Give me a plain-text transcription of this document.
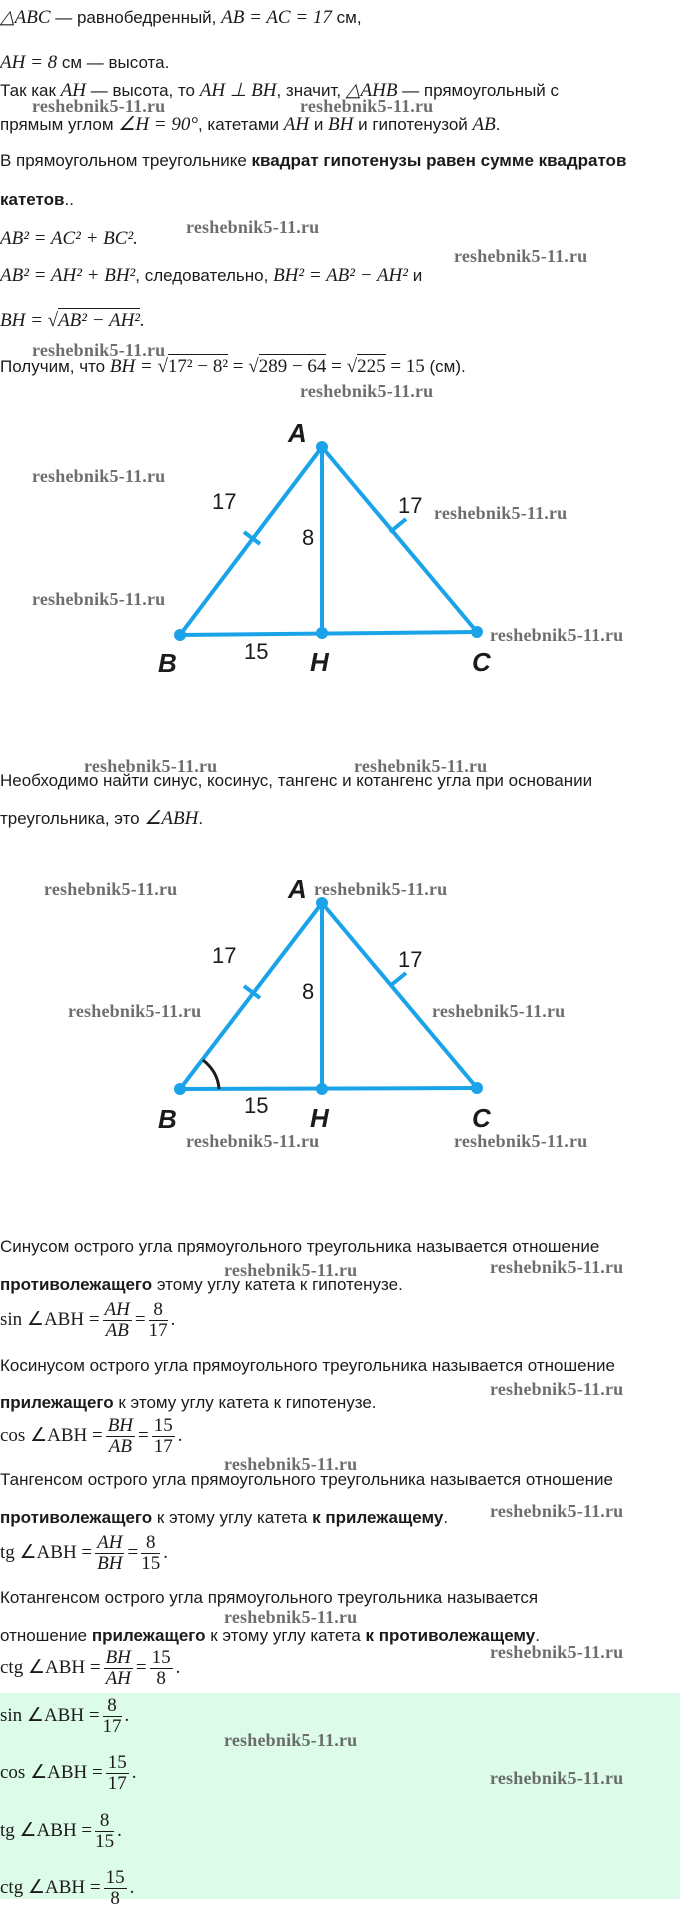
△ABC — равнобедренный, AB = AC = 17 см,
AH = 8 см — высота.
Так как AH — высота, то AH ⊥ BH, значит, △AHB — прямоугольный с
прямым углом ∠H = 90°, катетами AH и BH и гипотенузой AB.
В прямоугольном треугольнике квадрат гипотенузы равен сумме квадратов
катетов..
AB² = AC² + BC².
AB² = AH² + BH², следовательно, BH² = AB² − AH² и
BH = √AB² − AH².
Получим, что BH = √17² − 8² = √289 − 64 = √225 = 15 (см).
A
B	C
H
17	17
8
15
Необходимо найти синус, косинус, тангенс и котангенс угла при основании
треугольника, это ∠ABH.
A
B	C
H
17	17
8
15
Синусом острого угла прямоугольного треугольника называется отношение
противолежащего этому углу катета к гипотенузе.
sin ∠ABH = $\frac{AH}{AB} = \frac{8}{17}$ .
Косинусом острого угла прямоугольного треугольника называется отношение
прилежащего к этому углу катета к гипотенузе.
cos ∠ABH = $\frac{BH}{AB} = \frac{15}{17}$ .
Тангенсом острого угла прямоугольного треугольника называется отношение
противолежащего к этому углу катета к прилежащему.
tg ∠ABH = $\frac{AH}{BH} = \frac{8}{15}$ .
Котангенсом острого угла прямоугольного треугольника называется
отношение прилежащего к этому углу катета к противолежащему.
ctg ∠ABH = $\frac{BH}{AH} = \frac{15}{8}$ .
sin ∠ABH = $\frac{8}{17}$ .
cos ∠ABH = $\frac{15}{17}$ .
tg ∠ABH = $\frac{8}{15}$ .
ctg ∠ABH = $\frac{15}{8}$ .
reshebnik5-11.ru	reshebnik5-11.ru
reshebnik5-11.ru
reshebnik5-11.ru
reshebnik5-11.ru
reshebnik5-11.ru
reshebnik5-11.ru
reshebnik5-11.ru
reshebnik5-11.ru
reshebnik5-11.ru
reshebnik5-11.ru	reshebnik5-11.ru
reshebnik5-11.ru	reshebnik5-11.ru
reshebnik5-11.ru	reshebnik5-11.ru
reshebnik5-11.ru	reshebnik5-11.ru
reshebnik5-11.ru	reshebnik5-11.ru
reshebnik5-11.ru
reshebnik5-11.ru
reshebnik5-11.ru
reshebnik5-11.ru
reshebnik5-11.ru
reshebnik5-11.ru
reshebnik5-11.ru
